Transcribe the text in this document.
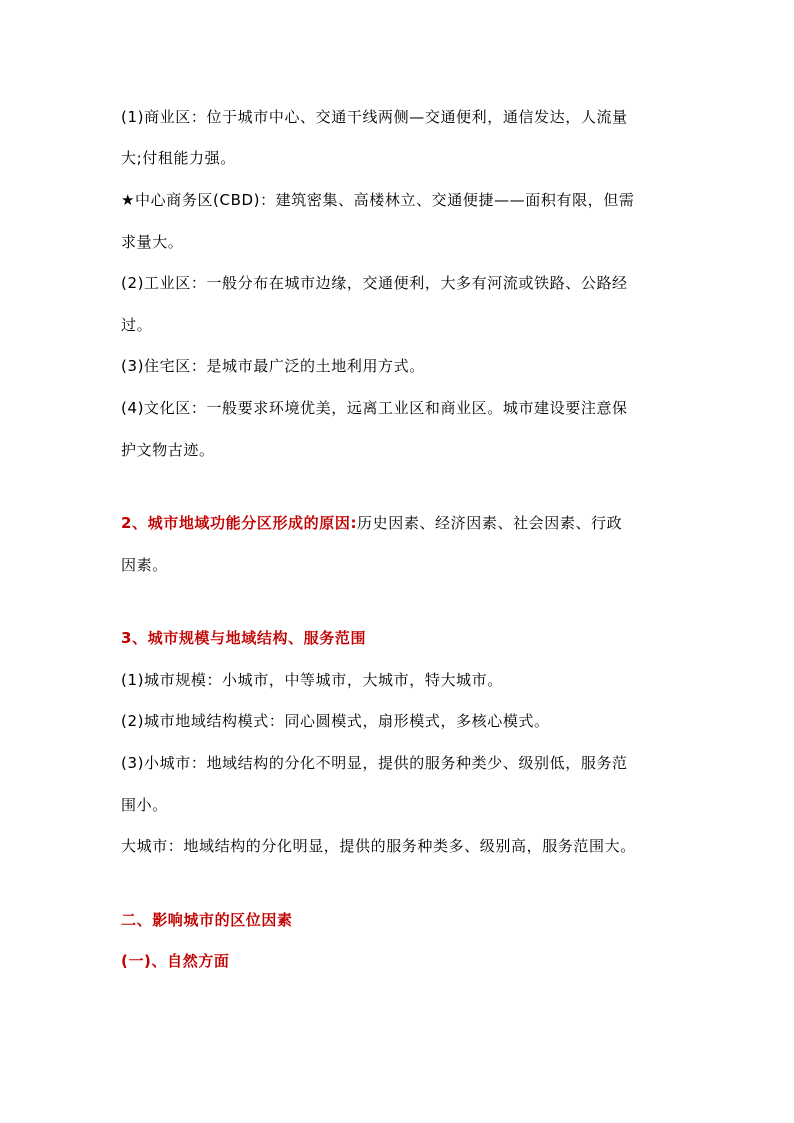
(1)商业区：位于城市中心、交通干线两侧—交通便利，通信发达，人流量
大;付租能力强。
★中心商务区(CBD)：建筑密集、高楼林立、交通便捷——面积有限，但需
求量大。
(2)工业区：一般分布在城市边缘，交通便利，大多有河流或铁路、公路经
过。
(3)住宅区：是城市最广泛的土地利用方式。
(4)文化区：一般要求环境优美，远离工业区和商业区。城市建设要注意保
护文物古迹。
2、城市地域功能分区形成的原因:历史因素、经济因素、社会因素、行政
因素。
3、城市规模与地域结构、服务范围
(1)城市规模：小城市，中等城市，大城市，特大城市。
(2)城市地域结构模式：同心圆模式，扇形模式，多核心模式。
(3)小城市：地域结构的分化不明显，提供的服务种类少、级别低，服务范
围小。
大城市：地域结构的分化明显，提供的服务种类多、级别高，服务范围大。
二、影响城市的区位因素
(一)、自然方面
